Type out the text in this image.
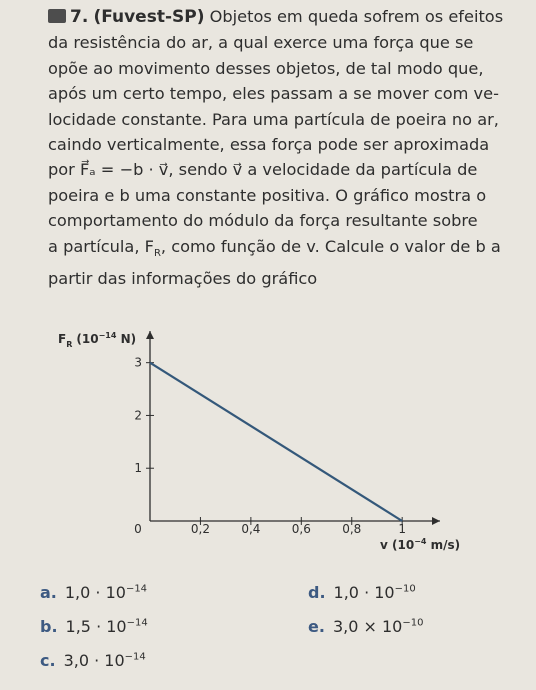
7. (Fuvest-SP) Objetos em queda sofrem os efeitos

da resistência do ar, a qual exerce uma força que se

opõe ao movimento desses objetos, de tal modo que,

após um certo tempo, eles passam a se mover com ve-

locidade constante. Para uma partícula de poeira no ar,

caindo verticalmente, essa força pode ser aproximada

por F⃗ₐ = −b · v⃗, sendo v⃗ a velocidade da partícula de

poeira e b uma constante positiva. O gráfico mostra o

comportamento do módulo da força resultante sobre

a partícula, $F_R$, como função de v. Calcule o valor de b a

partir das informações do gráfico

0	0,2	0,4	0,6	0,8	1
1
2
3
$F_R$ ($10^{-14}$ N)
v ($10^{-4}$ m/s)
a. $1,0 \cdot 10^{-14}$
b. $1,5 \cdot 10^{-14}$
c. $3,0 \cdot 10^{-14}$
d. $1,0 \cdot 10^{-10}$
e. $3,0 \times 10^{-10}$
